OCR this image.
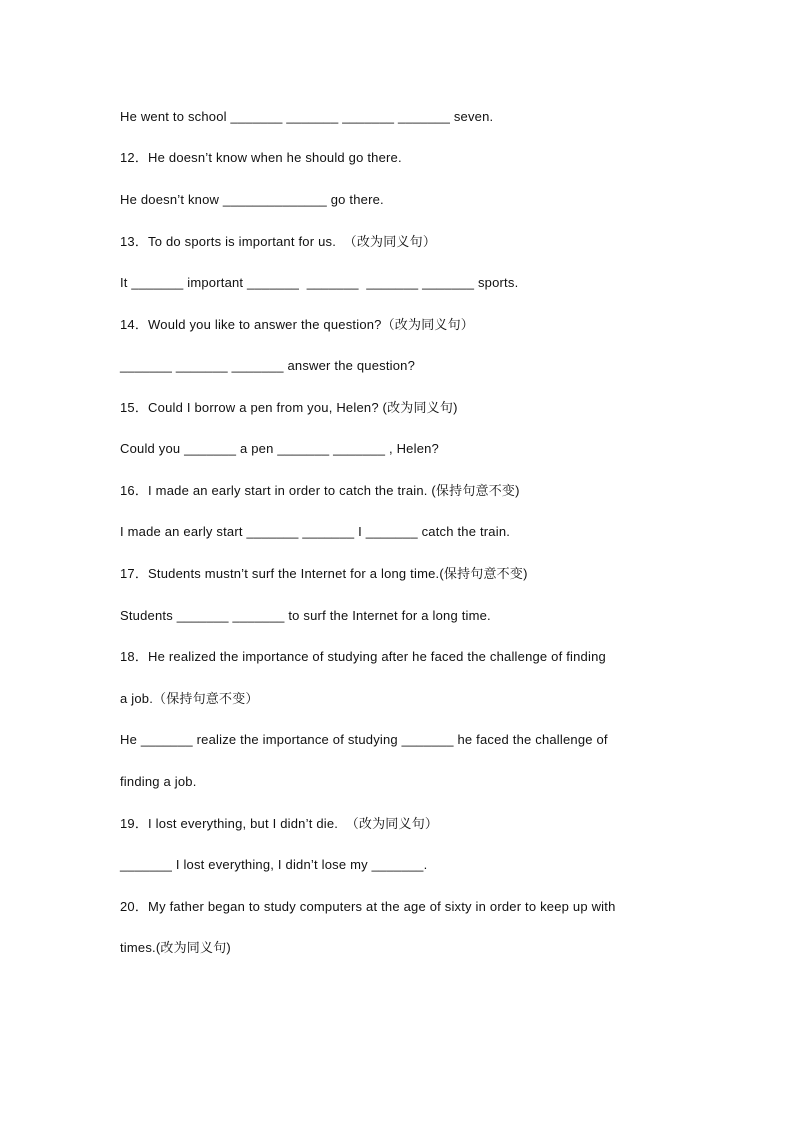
He went to school _______ _______ _______ _______ seven.
12．He doesn’t know when he should go there.
He doesn’t know ______________ go there.
13．To do sports is important for us.  （改为同义句）
It _______ important _______  _______  _______ _______ sports.
14．Would you like to answer the question?（改为同义句）
_______ _______ _______ answer the question?
15．Could I borrow a pen from you, Helen? (改为同义句)
Could you _______ a pen _______ _______ , Helen?
16．I made an early start in order to catch the train. (保持句意不变)
I made an early start _______ _______ I _______ catch the train.
17．Students mustn’t surf the Internet for a long time.(保持句意不变)
Students _______ _______ to surf the Internet for a long time.
18．He realized the importance of studying after he faced the challenge of finding
a job.（保持句意不变）
He _______ realize the importance of studying _______ he faced the challenge of
finding a job.
19．I lost everything, but I didn’t die.  （改为同义句）
_______ I lost everything, I didn’t lose my _______.
20．My father began to study computers at the age of sixty in order to keep up with
times.(改为同义句)
